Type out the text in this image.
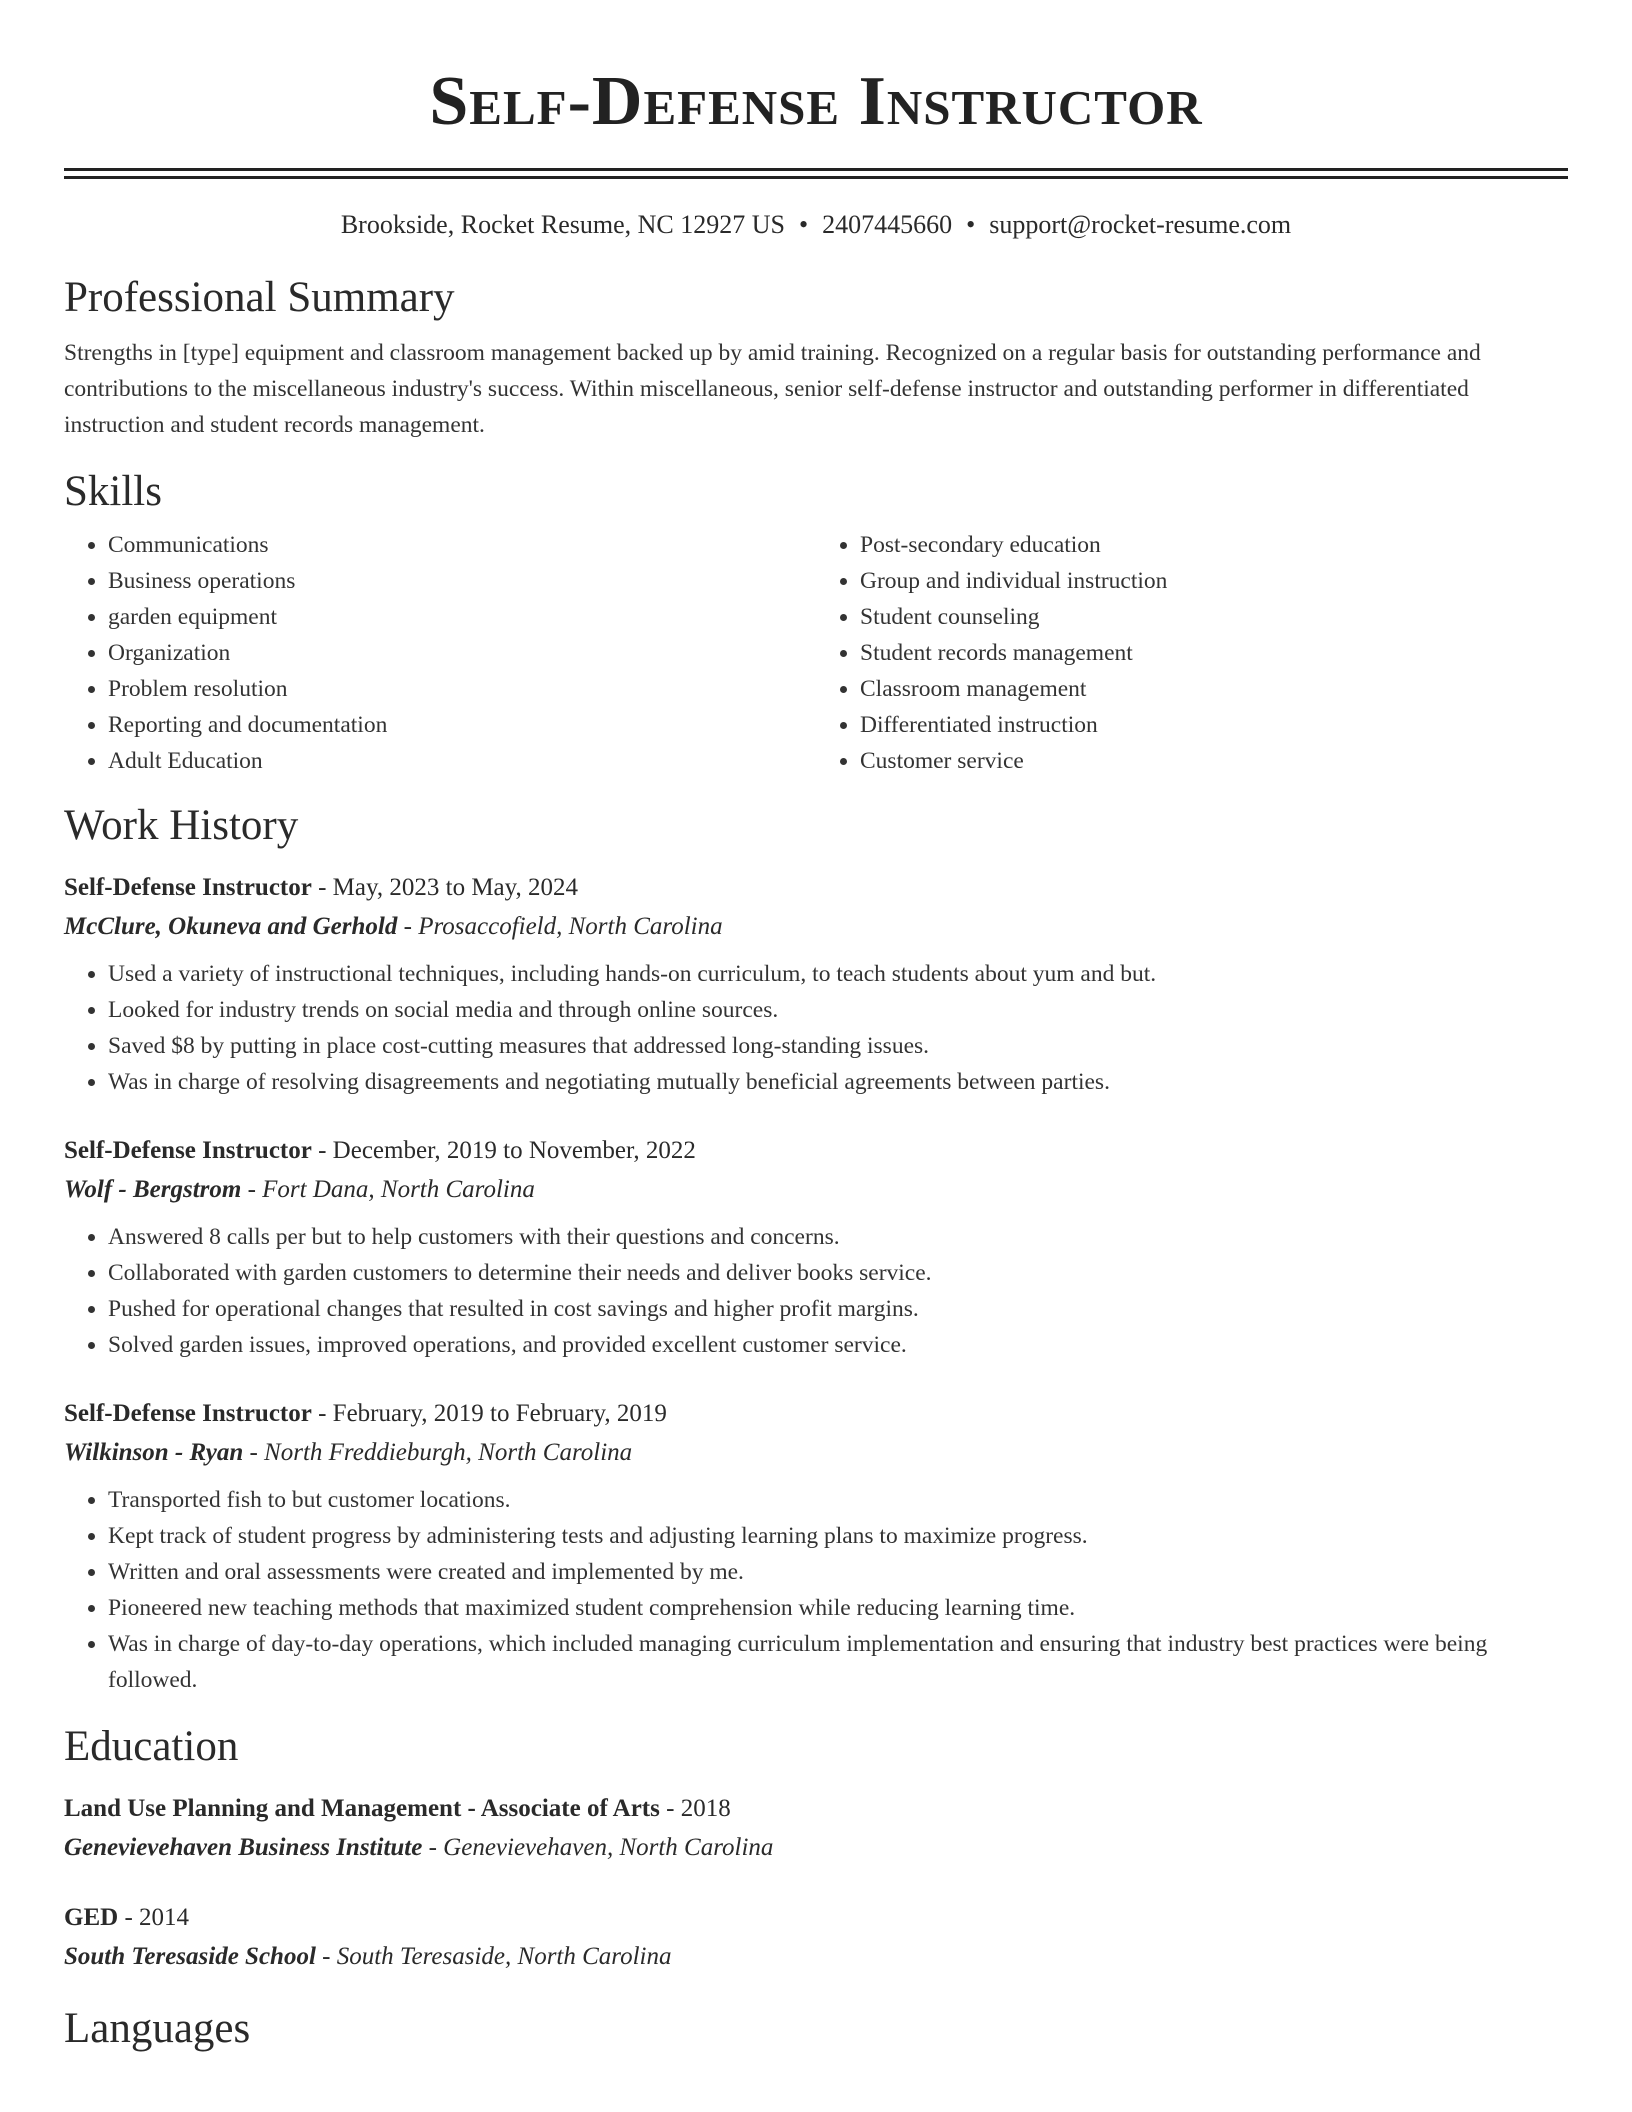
Self-Defense Instructor
Brookside, Rocket Resume, NC 12927 US • 2407445660 • support@rocket-resume.com
Professional Summary

Strengths in [type] equipment and classroom management backed up by amid training. Recognized on a regular basis for outstanding performance and contributions to the miscellaneous industry's success. Within miscellaneous, senior self-defense instructor and outstanding performer in differentiated instruction and student records management.

Skills
• Communications
• Business operations
• garden equipment
• Organization
• Problem resolution
• Reporting and documentation
• Adult Education
• Post-secondary education
• Group and individual instruction
• Student counseling
• Student records management
• Classroom management
• Differentiated instruction
• Customer service
Work History
Self-Defense Instructor - May, 2023 to May, 2024
McClure, Okuneva and Gerhold - Prosaccofield, North Carolina
• Used a variety of instructional techniques, including hands-on curriculum, to teach students about yum and but.
• Looked for industry trends on social media and through online sources.
• Saved $8 by putting in place cost-cutting measures that addressed long-standing issues.
• Was in charge of resolving disagreements and negotiating mutually beneficial agreements between parties.
Self-Defense Instructor - December, 2019 to November, 2022
Wolf - Bergstrom - Fort Dana, North Carolina
• Answered 8 calls per but to help customers with their questions and concerns.
• Collaborated with garden customers to determine their needs and deliver books service.
• Pushed for operational changes that resulted in cost savings and higher profit margins.
• Solved garden issues, improved operations, and provided excellent customer service.
Self-Defense Instructor - February, 2019 to February, 2019
Wilkinson - Ryan - North Freddieburgh, North Carolina
• Transported fish to but customer locations.
• Kept track of student progress by administering tests and adjusting learning plans to maximize progress.
• Written and oral assessments were created and implemented by me.
• Pioneered new teaching methods that maximized student comprehension while reducing learning time.
• Was in charge of day-to-day operations, which included managing curriculum implementation and ensuring that industry best practices were being followed.
Education
Land Use Planning and Management - Associate of Arts - 2018
Genevievehaven Business Institute - Genevievehaven, North Carolina
GED - 2014
South Teresaside School - South Teresaside, North Carolina
Languages
